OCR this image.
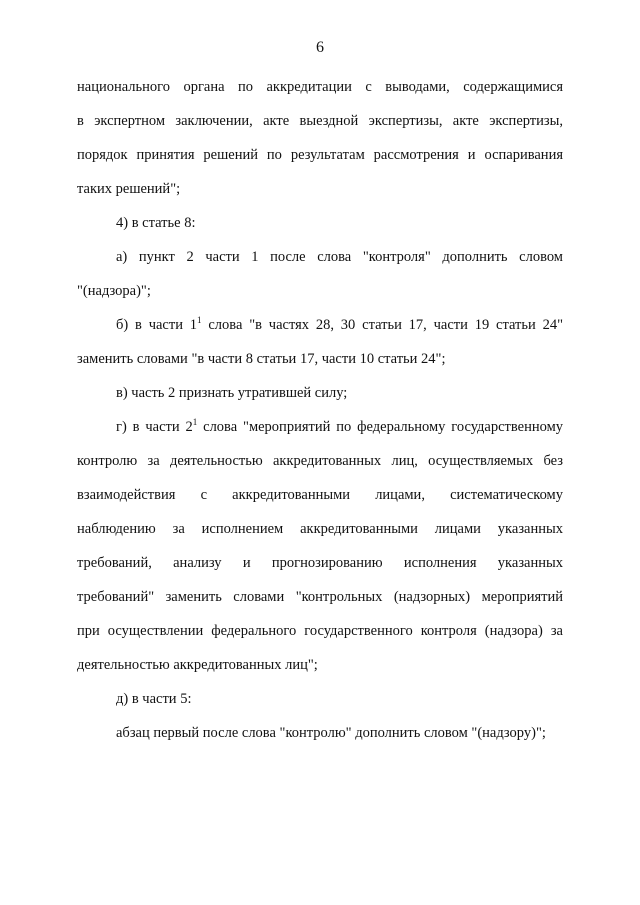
6

национального органа по аккредитации с выводами, содержащимися

в экспертном заключении, акте выездной экспертизы, акте экспертизы,

порядок принятия решений по результатам рассмотрения и оспаривания

таких решений";

4) в статье 8:

а) пункт 2 части 1 после слова "контроля" дополнить словом

"(надзора)";

б) в части $1^1$ слова "в частях 28, 30 статьи 17, части 19 статьи 24"

заменить словами "в части 8 статьи 17, части 10 статьи 24";

в) часть 2 признать утратившей силу;

г) в части $2^1$ слова "мероприятий по федеральному государственному

контролю за деятельностью аккредитованных лиц, осуществляемых без

взаимодействия с аккредитованными лицами, систематическому

наблюдению за исполнением аккредитованными лицами указанных

требований, анализу и прогнозированию исполнения указанных

требований" заменить словами "контрольных (надзорных) мероприятий

при осуществлении федерального государственного контроля (надзора) за

деятельностью аккредитованных лиц";

д) в части 5:

абзац первый после слова "контролю" дополнить словом "(надзору)";
